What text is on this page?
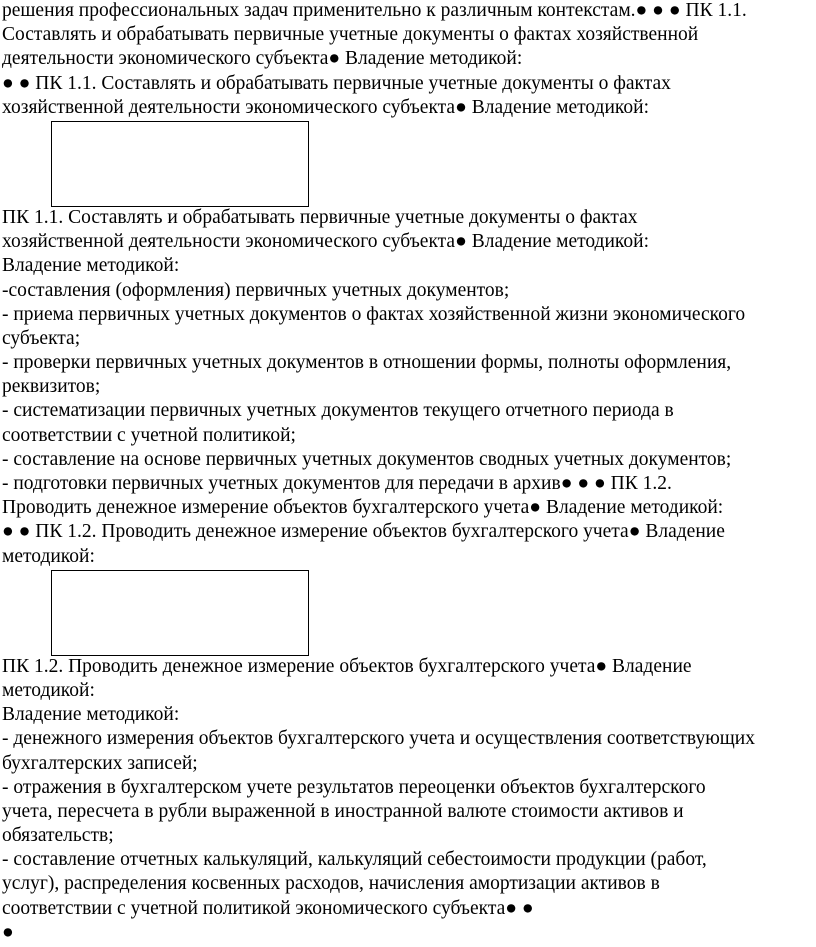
решения профессиональных задач применительно к различным контекстам.● ● ● ПК 1.1.
Составлять и обрабатывать первичные учетные документы о фактах хозяйственной
деятельности экономического субъекта● Владение методикой:
● ● ПК 1.1. Составлять и обрабатывать первичные учетные документы о фактах
хозяйственной деятельности экономического субъекта● Владение методикой:
ПК 1.1. Составлять и обрабатывать первичные учетные документы о фактах
хозяйственной деятельности экономического субъекта● Владение методикой:
Владение методикой:
-составления (оформления) первичных учетных документов;
- приема первичных учетных документов о фактах хозяйственной жизни экономического
субъекта;
- проверки первичных учетных документов в отношении формы, полноты оформления,
реквизитов;
- систематизации первичных учетных документов текущего отчетного периода в
соответствии с учетной политикой;
- составление на основе первичных учетных документов сводных учетных документов;
- подготовки первичных учетных документов для передачи в архив● ● ● ПК 1.2.
Проводить денежное измерение объектов бухгалтерского учета● Владение методикой:
● ● ПК 1.2. Проводить денежное измерение объектов бухгалтерского учета● Владение
методикой:
ПК 1.2. Проводить денежное измерение объектов бухгалтерского учета● Владение
методикой:
Владение методикой:
- денежного измерения объектов бухгалтерского учета и осуществления соответствующих
бухгалтерских записей;
- отражения в бухгалтерском учете результатов переоценки объектов бухгалтерского
учета, пересчета в рубли выраженной в иностранной валюте стоимости активов и
обязательств;
- составление отчетных калькуляций, калькуляций себестоимости продукции (работ,
услуг), распределения косвенных расходов, начисления амортизации активов в
соответствии с учетной политикой экономического субъекта● ●
●
